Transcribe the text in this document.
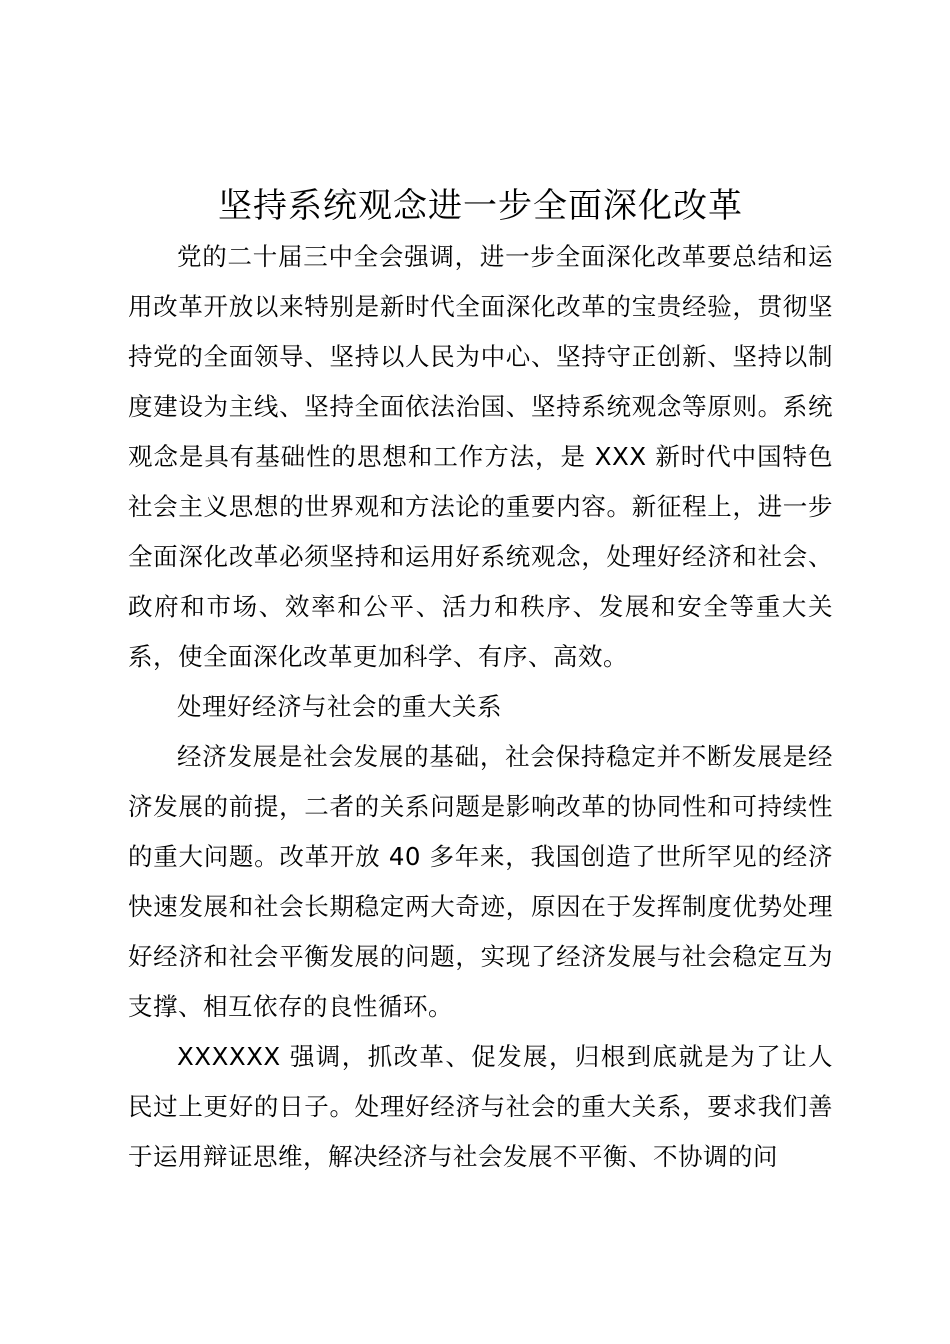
坚持系统观念进一步全面深化改革

党的二十届三中全会强调，进一步全面深化改革要总结和运用改革开放以来特别是新时代全面深化改革的宝贵经验，贯彻坚持党的全面领导、坚持以人民为中心、坚持守正创新、坚持以制度建设为主线、坚持全面依法治国、坚持系统观念等原则。系统观念是具有基础性的思想和工作方法，是 XXX 新时代中国特色社会主义思想的世界观和方法论的重要内容。新征程上，进一步全面深化改革必须坚持和运用好系统观念，处理好经济和社会、政府和市场、效率和公平、活力和秩序、发展和安全等重大关系，使全面深化改革更加科学、有序、高效。

处理好经济与社会的重大关系

经济发展是社会发展的基础，社会保持稳定并不断发展是经济发展的前提，二者的关系问题是影响改革的协同性和可持续性的重大问题。改革开放 40 多年来，我国创造了世所罕见的经济快速发展和社会长期稳定两大奇迹，原因在于发挥制度优势处理好经济和社会平衡发展的问题，实现了经济发展与社会稳定互为支撑、相互依存的良性循环。

XXXXXX 强调，抓改革、促发展，归根到底就是为了让人民过上更好的日子。处理好经济与社会的重大关系，要求我们善于运用辩证思维，解决经济与社会发展不平衡、不协调的问
